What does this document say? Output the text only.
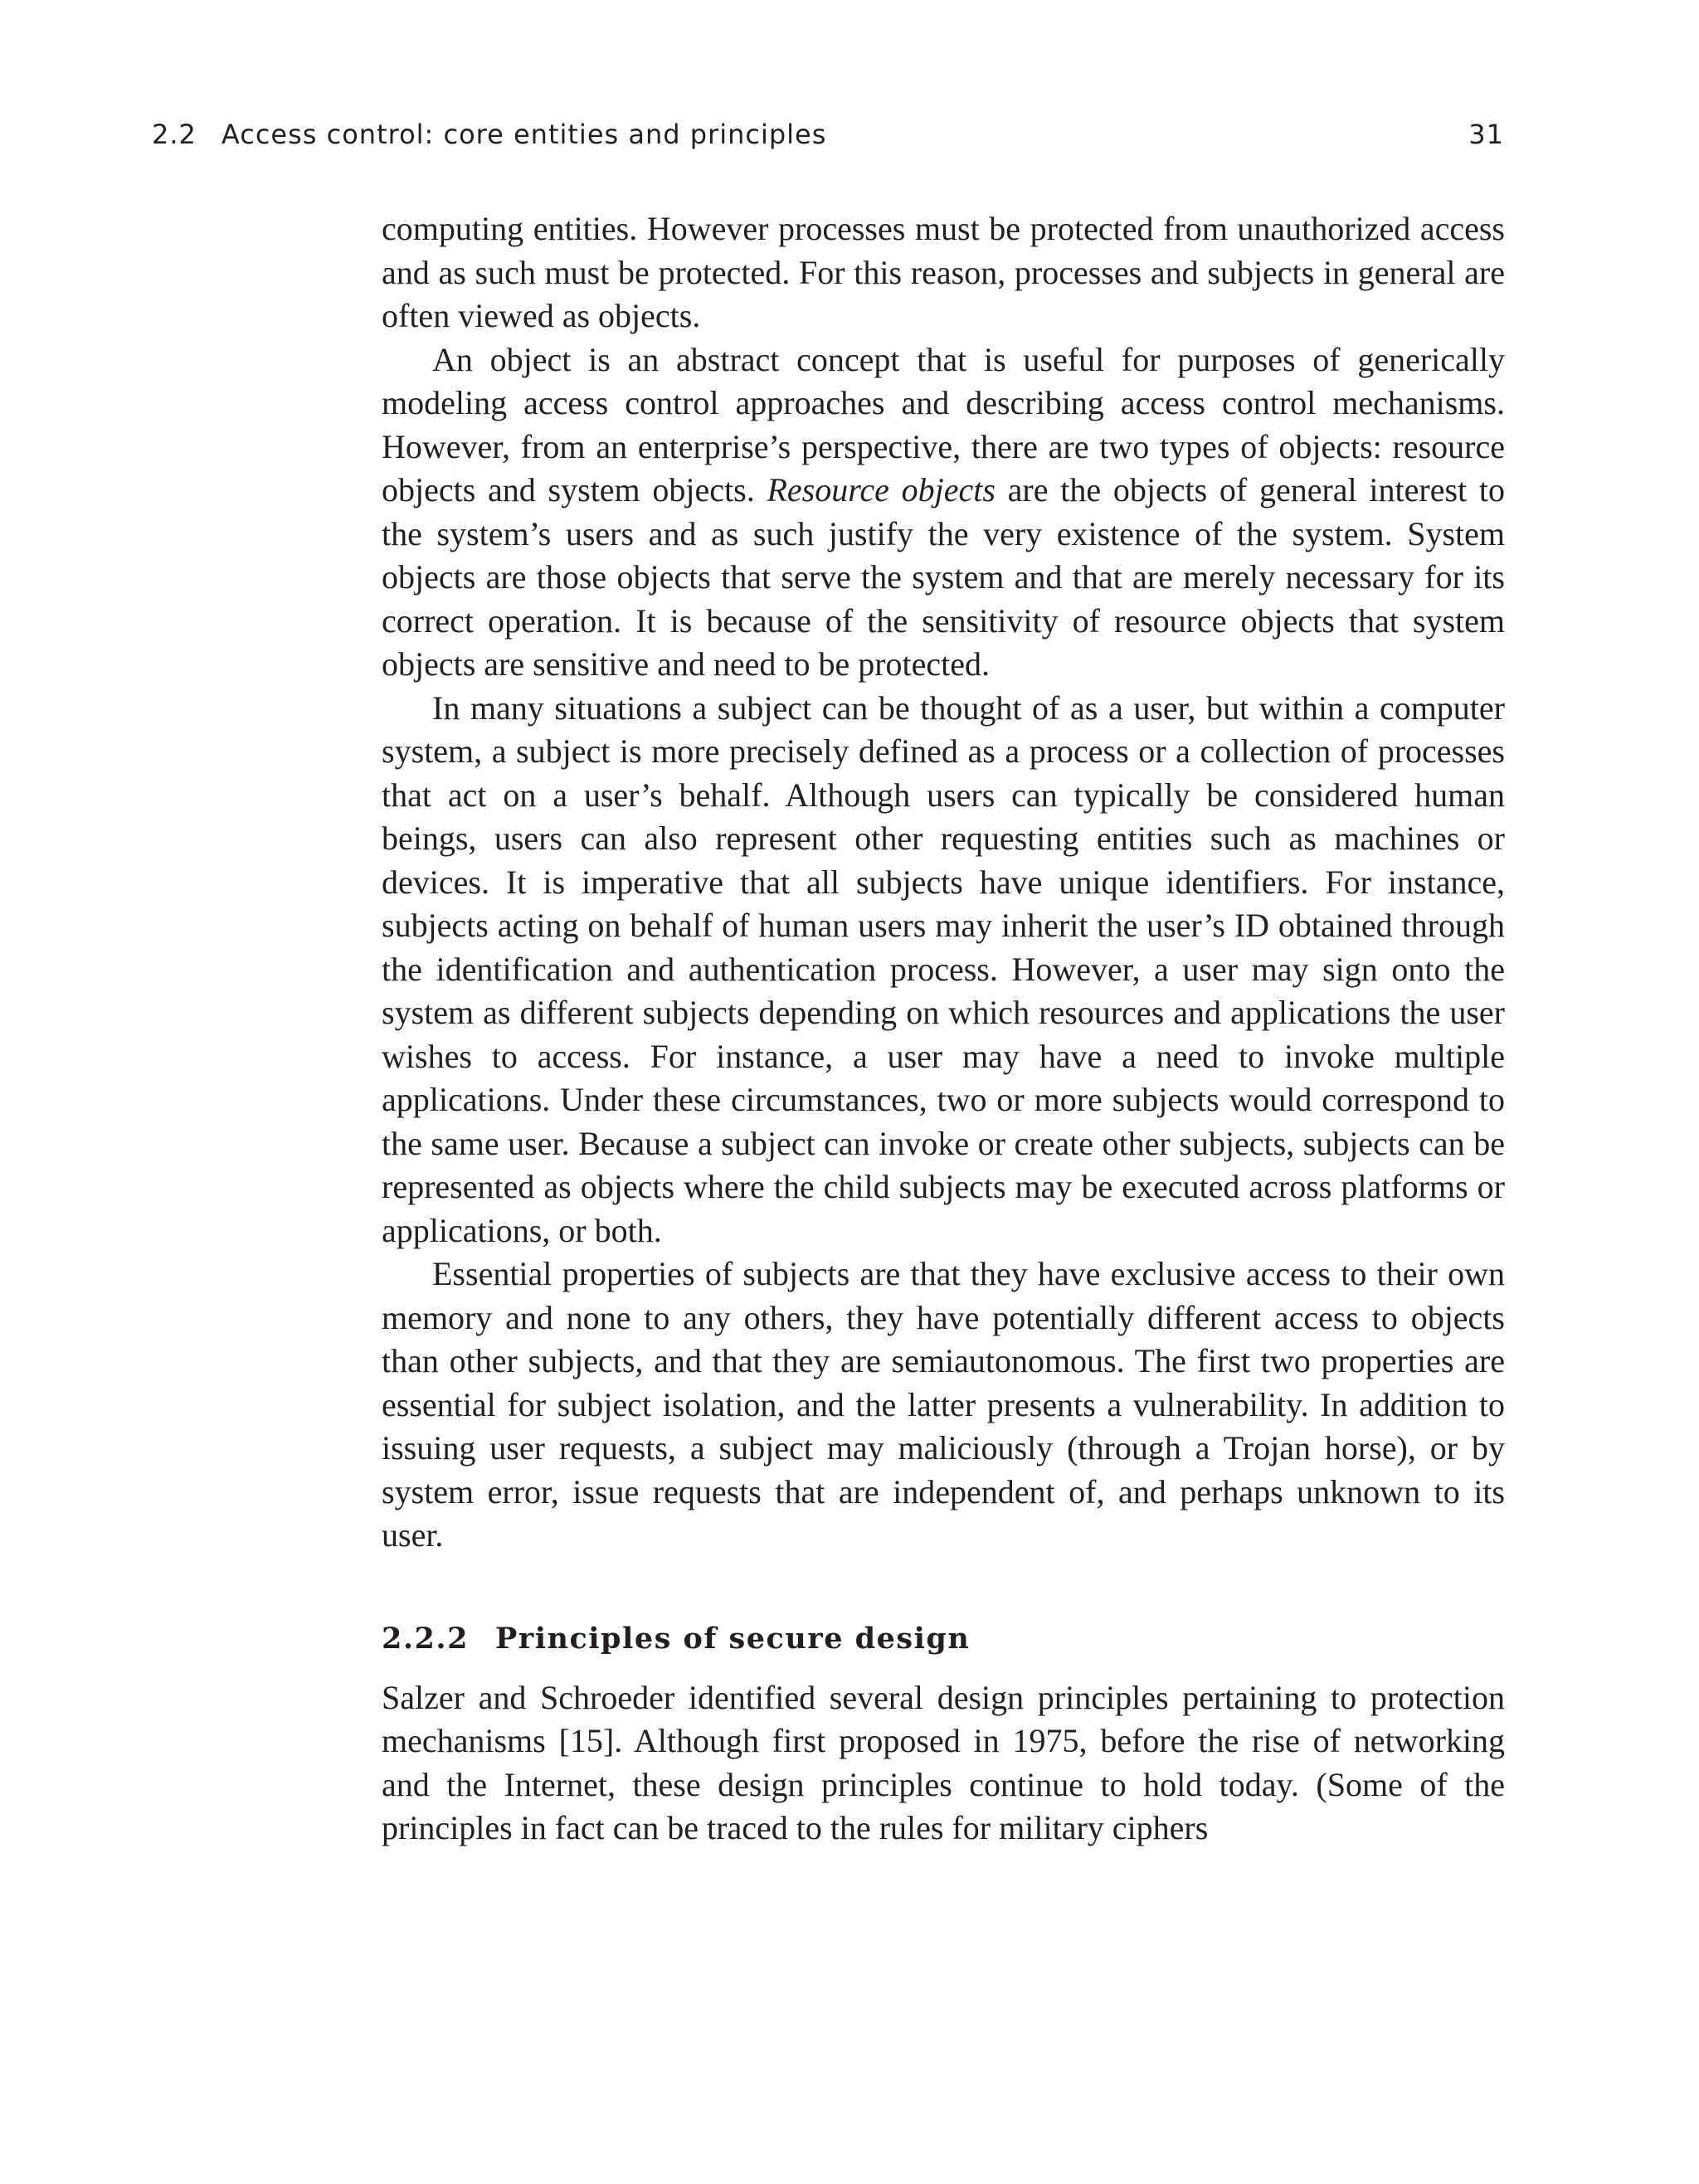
2.2 Access control: core entities and principles	31

computing entities. However processes must be protected from unauthorized access and as such must be protected. For this reason, processes and subjects in general are often viewed as objects.

An object is an abstract concept that is useful for purposes of generically modeling access control approaches and describing access control mechanisms. However, from an enterprise’s perspective, there are two types of objects: resource objects and system objects. Resource objects are the objects of general interest to the system’s users and as such justify the very existence of the system. System objects are those objects that serve the system and that are merely necessary for its correct operation. It is because of the sensitivity of resource objects that system objects are sensitive and need to be protected.

In many situations a subject can be thought of as a user, but within a computer system, a subject is more precisely defined as a process or a collection of processes that act on a user’s behalf. Although users can typically be considered human beings, users can also represent other requesting entities such as machines or devices. It is imperative that all subjects have unique identifiers. For instance, subjects acting on behalf of human users may inherit the user’s ID obtained through the identification and authentication process. However, a user may sign onto the system as different subjects depending on which resources and applications the user wishes to access. For instance, a user may have a need to invoke multiple applications. Under these circumstances, two or more subjects would correspond to the same user. Because a subject can invoke or create other subjects, subjects can be represented as objects where the child subjects may be executed across platforms or applications, or both.

Essential properties of subjects are that they have exclusive access to their own memory and none to any others, they have potentially different access to objects than other subjects, and that they are semiautonomous. The first two properties are essential for subject isolation, and the latter presents a vulnerability. In addition to issuing user requests, a subject may maliciously (through a Trojan horse), or by system error, issue requests that are independent of, and perhaps unknown to its user.

2.2.2 Principles of secure design

Salzer and Schroeder identified several design principles pertaining to protection mechanisms [15]. Although first proposed in 1975, before the rise of networking and the Internet, these design principles continue to hold today. (Some of the principles in fact can be traced to the rules for military ciphers
